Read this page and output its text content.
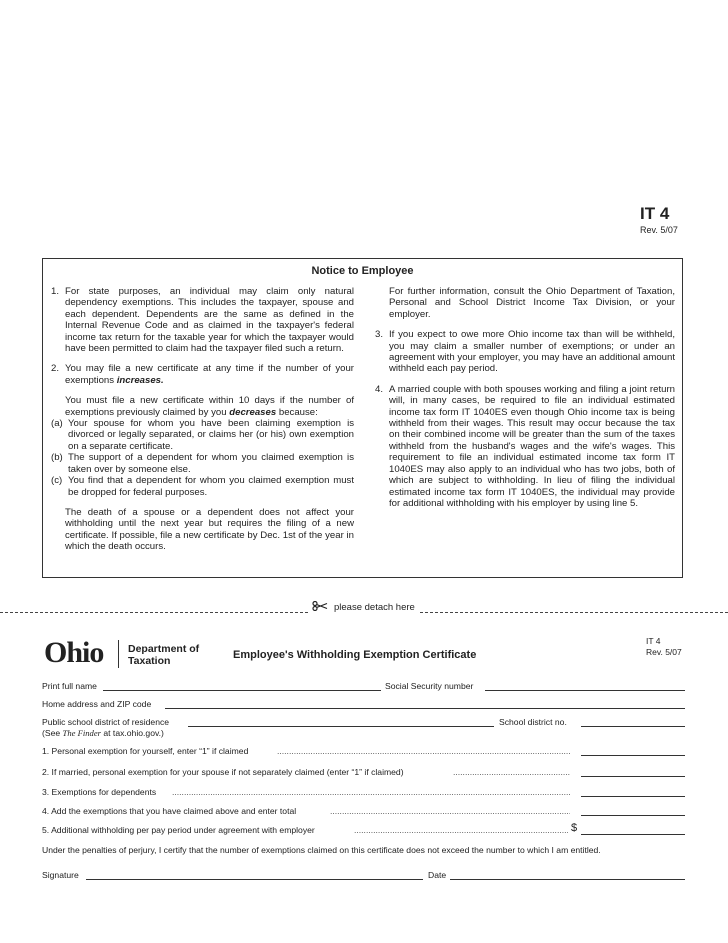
IT 4
Rev. 5/07
Notice to Employee
1. For state purposes, an individual may claim only natural dependency exemptions. This includes the taxpayer, spouse and each dependent. Dependents are the same as defined in the Internal Revenue Code and as claimed in the taxpayer's federal income tax return for the taxable year for which the taxpayer would have been permitted to claim had the taxpayer filed such a return.
2. You may file a new certificate at any time if the number of your exemptions increases.
You must file a new certificate within 10 days if the number of exemptions previously claimed by you decreases because:
(a) Your spouse for whom you have been claiming exemption is divorced or legally separated, or claims her (or his) own exemption on a separate certificate.
(b) The support of a dependent for whom you claimed exemption is taken over by someone else.
(c) You find that a dependent for whom you claimed exemption must be dropped for federal purposes.
The death of a spouse or a dependent does not affect your withholding until the next year but requires the filing of a new certificate. If possible, file a new certificate by Dec. 1st of the year in which the death occurs.
For further information, consult the Ohio Department of Taxation, Personal and School District Income Tax Division, or your employer.
3. If you expect to owe more Ohio income tax than will be withheld, you may claim a smaller number of exemptions; or under an agreement with your employer, you may have an additional amount withheld each pay period.
4. A married couple with both spouses working and filing a joint return will, in many cases, be required to file an individual estimated income tax form IT 1040ES even though Ohio income tax is being withheld from their wages. This result may occur because the tax on their combined income will be greater than the sum of the taxes withheld from the husband's wages and the wife's wages. This requirement to file an individual estimated income tax form IT 1040ES may also apply to an individual who has two jobs, both of which are subject to withholding. In lieu of filing the individual estimated income tax form IT 1040ES, the individual may provide for additional withholding with his employer by using line 5.
please detach here
Ohio Department of
Taxation	Employee's Withholding Exemption Certificate
IT 4
Rev. 5/07
Print full name	Social Security number
Home address and ZIP code
Public school district of residence	School district no.
(See The Finder at tax.ohio.gov.)
1. Personal exemption for yourself, enter “1” if claimed
.....
2. If married, personal exemption for your spouse if not separately claimed (enter “1” if claimed)
.....
3. Exemptions for dependents
.....
4. Add the exemptions that you have claimed above and enter total
.....
5. Additional withholding per pay period under agreement with employer
.....	$
Under the penalties of perjury, I certify that the number of exemptions claimed on this certificate does not exceed the number to which I am entitled.
Signature	Date
